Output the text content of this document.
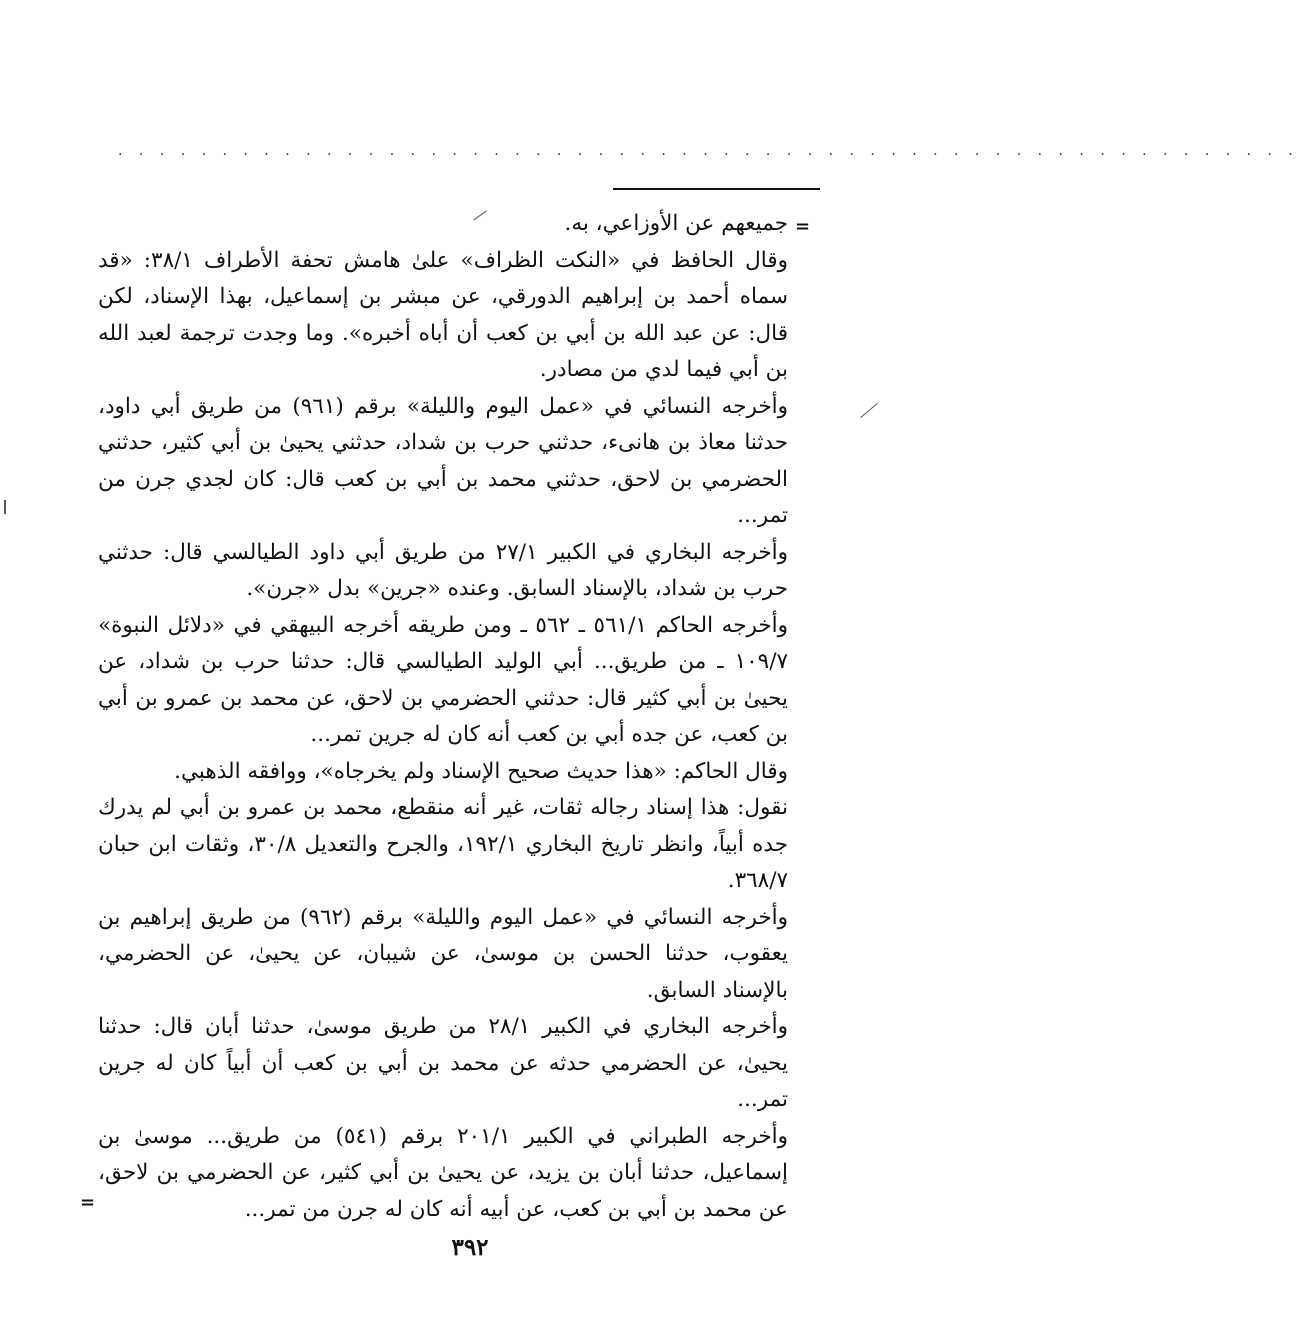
. . . . . . . . . . . . . . . . . . . . . . . . . . . . . . . . . . . . . . . . . . . . . . . . . . . . . . . . .
=

جميعهم عن الأوزاعي، به.

وقال الحافظ في «النكت الظراف» علىٰ هامش تحفة الأطراف ٣٨/١: «قد سماه أحمد بن إبراهيم الدورقي، عن مبشر بن إسماعيل، بهذا الإسناد، لكن قال: عن عبد الله بن أبي بن كعب أن أباه أخبره». وما وجدت ترجمة لعبد الله بن أبي فيما لدي من مصادر.

وأخرجه النسائي في «عمل اليوم والليلة» برقم (٩٦١) من طريق أبي داود، حدثنا معاذ بن هانىء، حدثني حرب بن شداد، حدثني يحيىٰ بن أبي كثير، حدثني الحضرمي بن لاحق، حدثني محمد بن أبي بن كعب قال: كان لجدي جرن من تمر...

وأخرجه البخاري في الكبير ٢٧/١ من طريق أبي داود الطيالسي قال: حدثني حرب بن شداد، بالإسناد السابق. وعنده «جرين» بدل «جرن».

وأخرجه الحاكم ٥٦١/١ ـ ٥٦٢ ـ ومن طريقه أخرجه البيهقي في «دلائل النبوة» ١٠٩/٧ ـ من طريق... أبي الوليد الطيالسي قال: حدثنا حرب بن شداد، عن يحيىٰ بن أبي كثير قال: حدثني الحضرمي بن لاحق، عن محمد بن عمرو بن أبي بن كعب، عن جده أبي بن كعب أنه كان له جرين تمر...

وقال الحاكم: «هذا حديث صحيح الإسناد ولم يخرجاه»، ووافقه الذهبي.

نقول: هذا إسناد رجاله ثقات، غير أنه منقطع، محمد بن عمرو بن أبي لم يدرك جده أبياً، وانظر تاريخ البخاري ١٩٢/١، والجرح والتعديل ٣٠/٨، وثقات ابن حبان ٣٦٨/٧.

وأخرجه النسائي في «عمل اليوم والليلة» برقم (٩٦٢) من طريق إبراهيم بن يعقوب، حدثنا الحسن بن موسىٰ، عن شيبان، عن يحيىٰ، عن الحضرمي، بالإسناد السابق.

وأخرجه البخاري في الكبير ٢٨/١ من طريق موسىٰ، حدثنا أبان قال: حدثنا يحيىٰ، عن الحضرمي حدثه عن محمد بن أبي بن كعب أن أبياً كان له جرين تمر...

وأخرجه الطبراني في الكبير ٢٠١/١ برقم (٥٤١) من طريق... موسىٰ بن إسماعيل، حدثنا أبان بن يزيد، عن يحيىٰ بن أبي كثير، عن الحضرمي بن لاحق، عن محمد بن أبي بن كعب، عن أبيه أنه كان له جرن من تمر...

=
٣٩٢
